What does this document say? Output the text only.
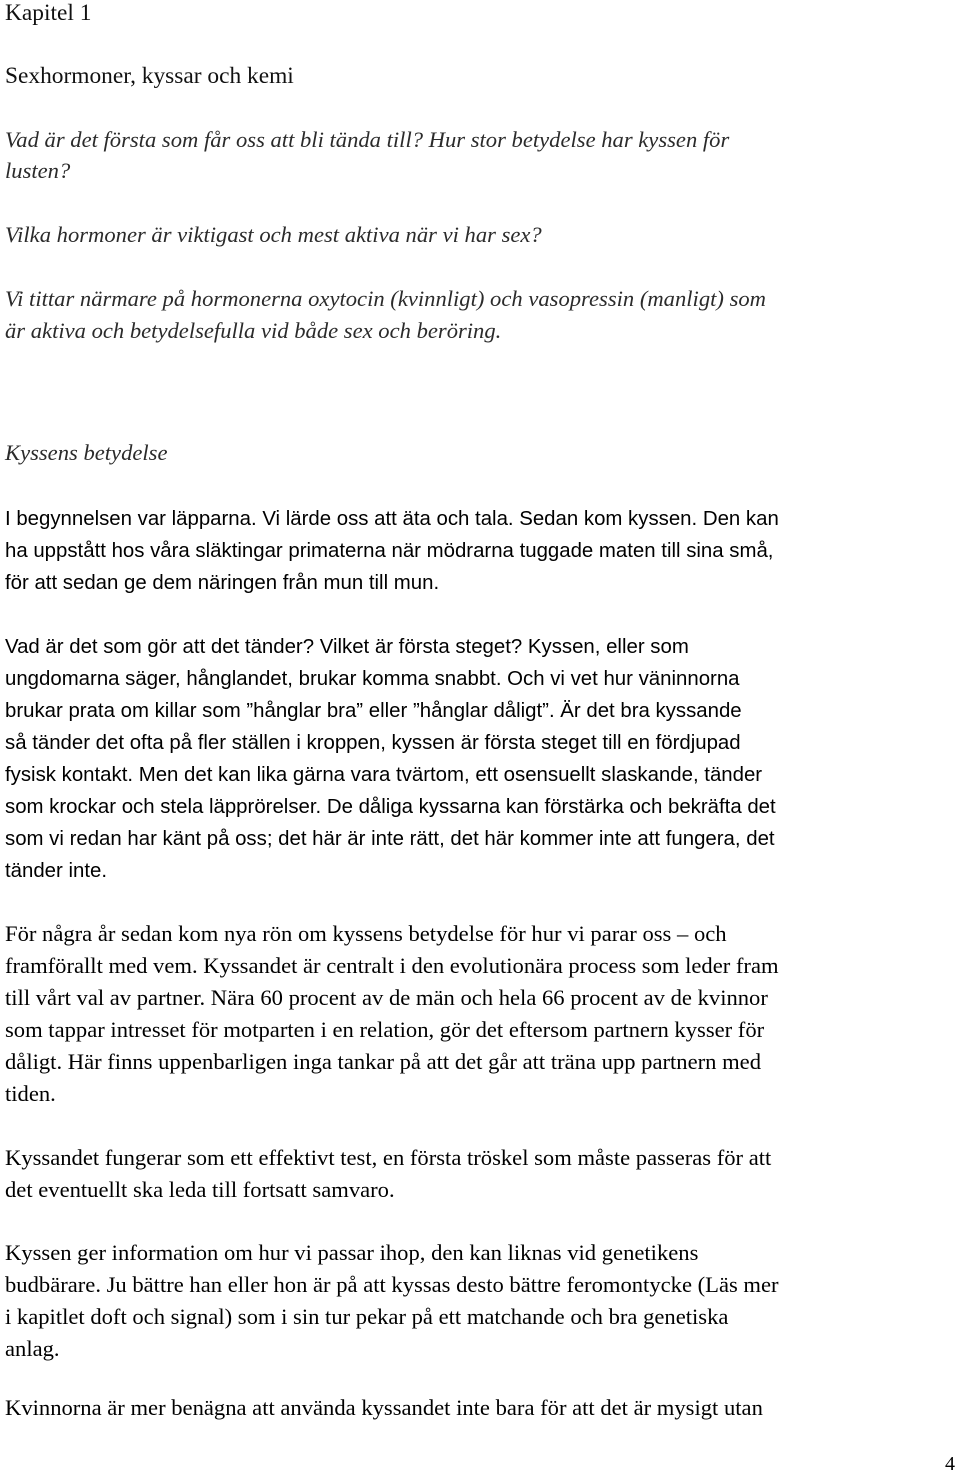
Kapitel 1
Sexhormoner, kyssar och kemi
Vad är det första som får oss att bli tända till? Hur stor betydelse har kyssen för
lusten?
Vilka hormoner är viktigast och mest aktiva när vi har sex?
Vi tittar närmare på hormonerna oxytocin (kvinnligt) och vasopressin (manligt) som
är aktiva och betydelsefulla vid både sex och beröring.
Kyssens betydelse
I begynnelsen var läpparna. Vi lärde oss att äta och tala. Sedan kom kyssen. Den kan
ha uppstått hos våra släktingar primaterna när mödrarna tuggade maten till sina små,
för att sedan ge dem näringen från mun till mun.
Vad är det som gör att det tänder? Vilket är första steget? Kyssen, eller som
ungdomarna säger, hånglandet, brukar komma snabbt. Och vi vet hur väninnorna
brukar prata om killar som ”hånglar bra” eller ”hånglar dåligt”. Är det bra kyssande
så tänder det ofta på fler ställen i kroppen, kyssen är första steget till en fördjupad
fysisk kontakt. Men det kan lika gärna vara tvärtom, ett osensuellt slaskande, tänder
som krockar och stela läpprörelser. De dåliga kyssarna kan förstärka och bekräfta det
som vi redan har känt på oss; det här är inte rätt, det här kommer inte att fungera, det
tänder inte.
För några år sedan kom nya rön om kyssens betydelse för hur vi parar oss – och
framförallt med vem. Kyssandet är centralt i den evolutionära process som leder fram
till vårt val av partner. Nära 60 procent av de män och hela 66 procent av de kvinnor
som tappar intresset för motparten i en relation, gör det eftersom partnern kysser för
dåligt. Här finns uppenbarligen inga tankar på att det går att träna upp partnern med
tiden.
Kyssandet fungerar som ett effektivt test, en första tröskel som måste passeras för att
det eventuellt ska leda till fortsatt samvaro.
Kyssen ger information om hur vi passar ihop, den kan liknas vid genetikens
budbärare. Ju bättre han eller hon är på att kyssas desto bättre feromontycke (Läs mer
i kapitlet doft och signal) som i sin tur pekar på ett matchande och bra genetiska
anlag.
Kvinnorna är mer benägna att använda kyssandet inte bara för att det är mysigt utan
4
